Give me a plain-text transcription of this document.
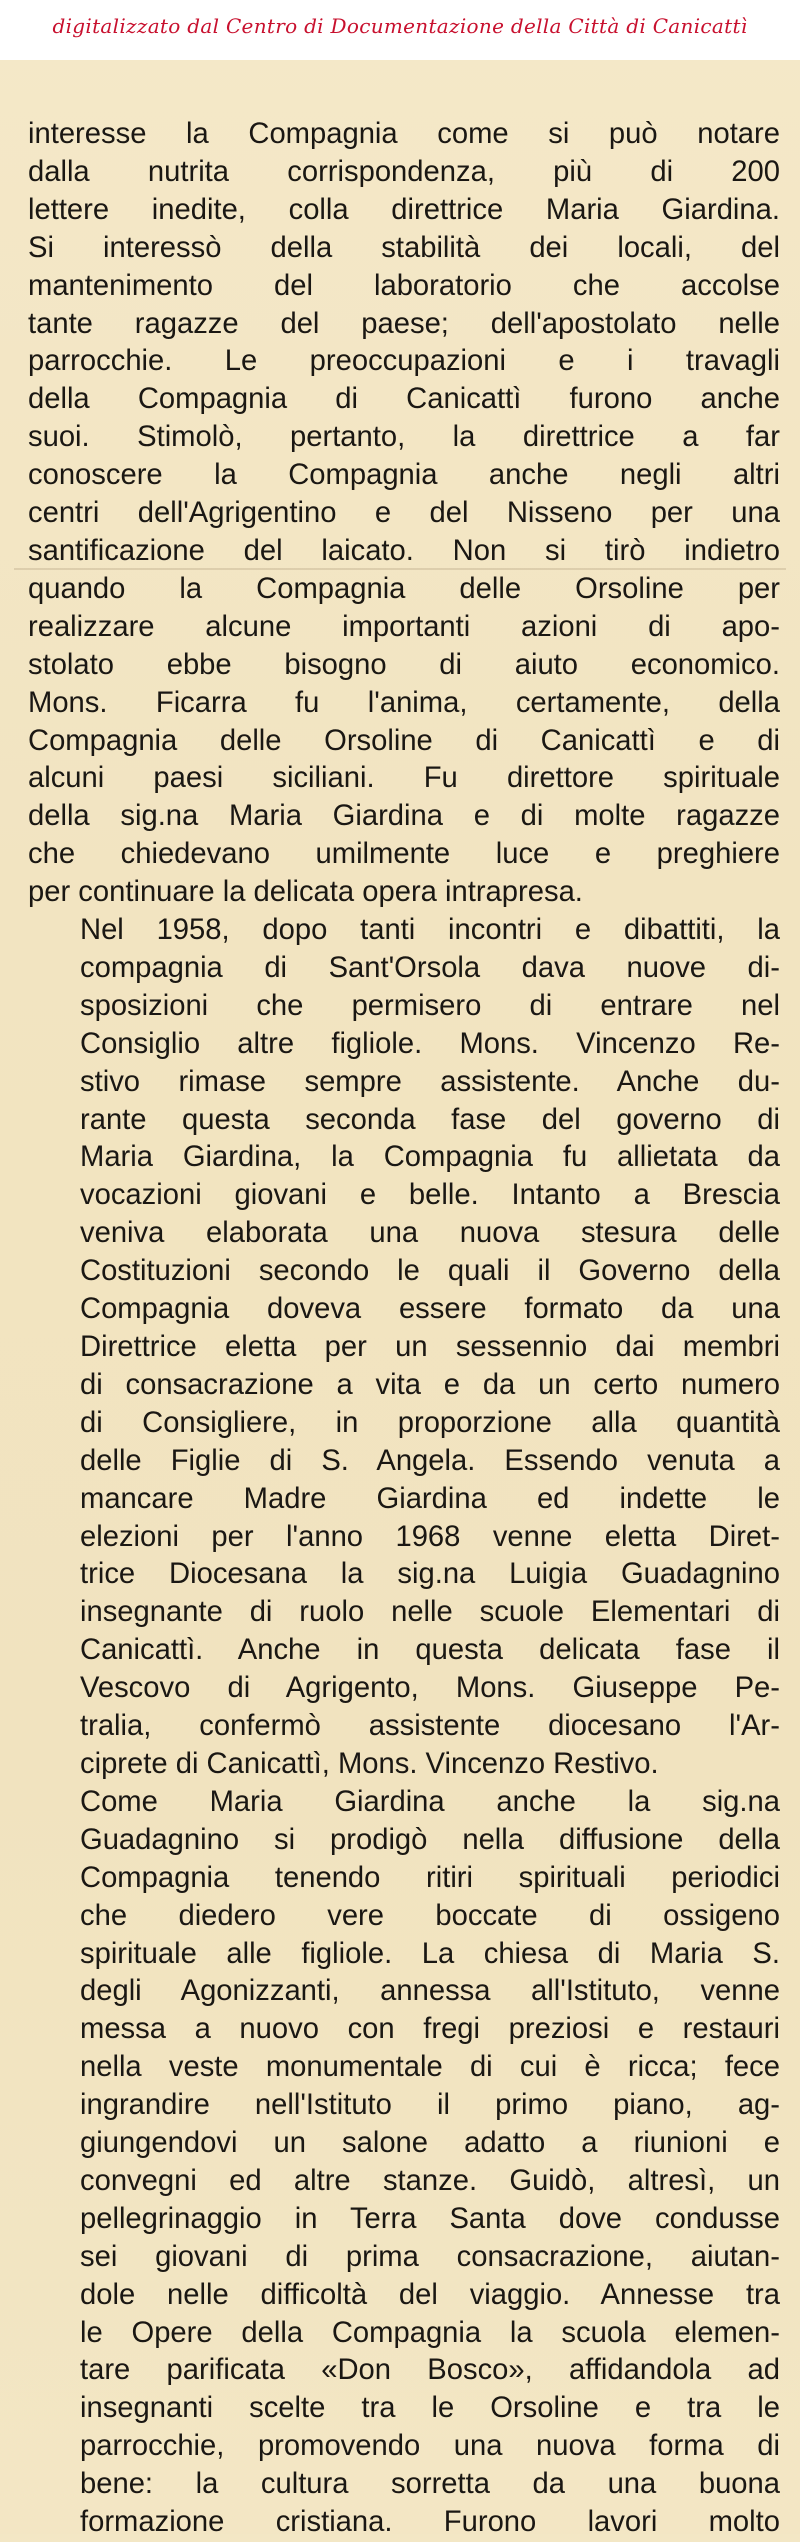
digitalizzato dal Centro di Documentazione della Città di Canicattì
interesse la Compagnia come si può notare
dalla nutrita corrispondenza, più di 200
lettere inedite, colla direttrice Maria Giardina.
Si interessò della stabilità dei locali, del
mantenimento del laboratorio che accolse
tante ragazze del paese; dell'apostolato nelle
parrocchie. Le preoccupazioni e i travagli
della Compagnia di Canicattì furono anche
suoi. Stimolò, pertanto, la direttrice a far
conoscere la Compagnia anche negli altri
centri dell'Agrigentino e del Nisseno per una
santificazione del laicato. Non si tirò indietro
quando la Compagnia delle Orsoline per
realizzare alcune importanti azioni di apo-
stolato ebbe bisogno di aiuto economico.
Mons. Ficarra fu l'anima, certamente, della
Compagnia delle Orsoline di Canicattì e di
alcuni paesi siciliani. Fu direttore spirituale
della sig.na Maria Giardina e di molte ragazze
che chiedevano umilmente luce e preghiere
per continuare la delicata opera intrapresa.
Nel 1958, dopo tanti incontri e dibattiti, la
compagnia di Sant'Orsola dava nuove di-
sposizioni che permisero di entrare nel
Consiglio altre figliole. Mons. Vincenzo Re-
stivo rimase sempre assistente. Anche du-
rante questa seconda fase del governo di
Maria Giardina, la Compagnia fu allietata da
vocazioni giovani e belle. Intanto a Brescia
veniva elaborata una nuova stesura delle
Costituzioni secondo le quali il Governo della
Compagnia doveva essere formato da una
Direttrice eletta per un sessennio dai membri
di consacrazione a vita e da un certo numero
di Consigliere, in proporzione alla quantità
delle Figlie di S. Angela. Essendo venuta a
mancare Madre Giardina ed indette le
elezioni per l'anno 1968 venne eletta Diret-
trice Diocesana la sig.na Luigia Guadagnino
insegnante di ruolo nelle scuole Elementari di
Canicattì. Anche in questa delicata fase il
Vescovo di Agrigento, Mons. Giuseppe Pe-
tralia, confermò assistente diocesano l'Ar-
ciprete di Canicattì, Mons. Vincenzo Restivo.
Come Maria Giardina anche la sig.na
Guadagnino si prodigò nella diffusione della
Compagnia tenendo ritiri spirituali periodici
che diedero vere boccate di ossigeno
spirituale alle figliole. La chiesa di Maria S.
degli Agonizzanti, annessa all'Istituto, venne
messa a nuovo con fregi preziosi e restauri
nella veste monumentale di cui è ricca; fece
ingrandire nell'Istituto il primo piano, ag-
giungendovi un salone adatto a riunioni e
convegni ed altre stanze. Guidò, altresì, un
pellegrinaggio in Terra Santa dove condusse
sei giovani di prima consacrazione, aiutan-
dole nelle difficoltà del viaggio. Annesse tra
le Opere della Compagnia la scuola elemen-
tare parificata «Don Bosco», affidandola ad
insegnanti scelte tra le Orsoline e tra le
parrocchie, promovendo una nuova forma di
bene: la cultura sorretta da una buona
formazione cristiana. Furono lavori molto
